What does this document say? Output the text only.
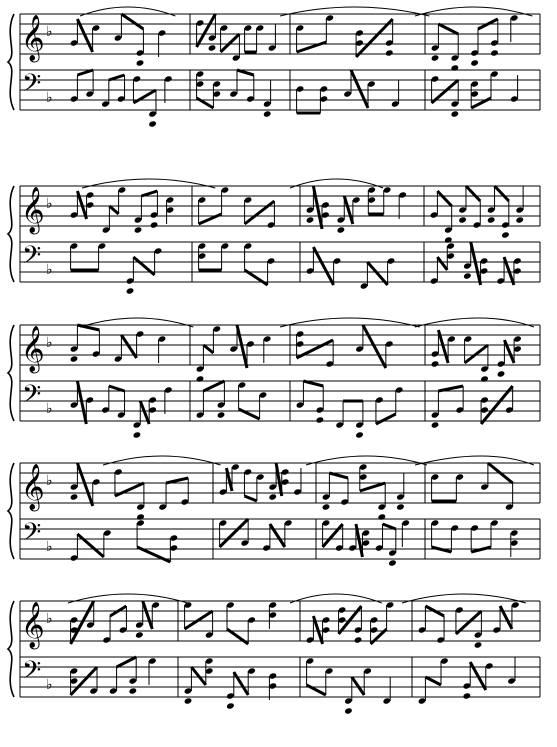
𝄞
𝄢
♭
♭
𝄞
𝄢
♭
♭
𝄞
𝄢
♭
♭
𝄞
𝄢
♭
♭
𝄞
𝄢
♭
♭
